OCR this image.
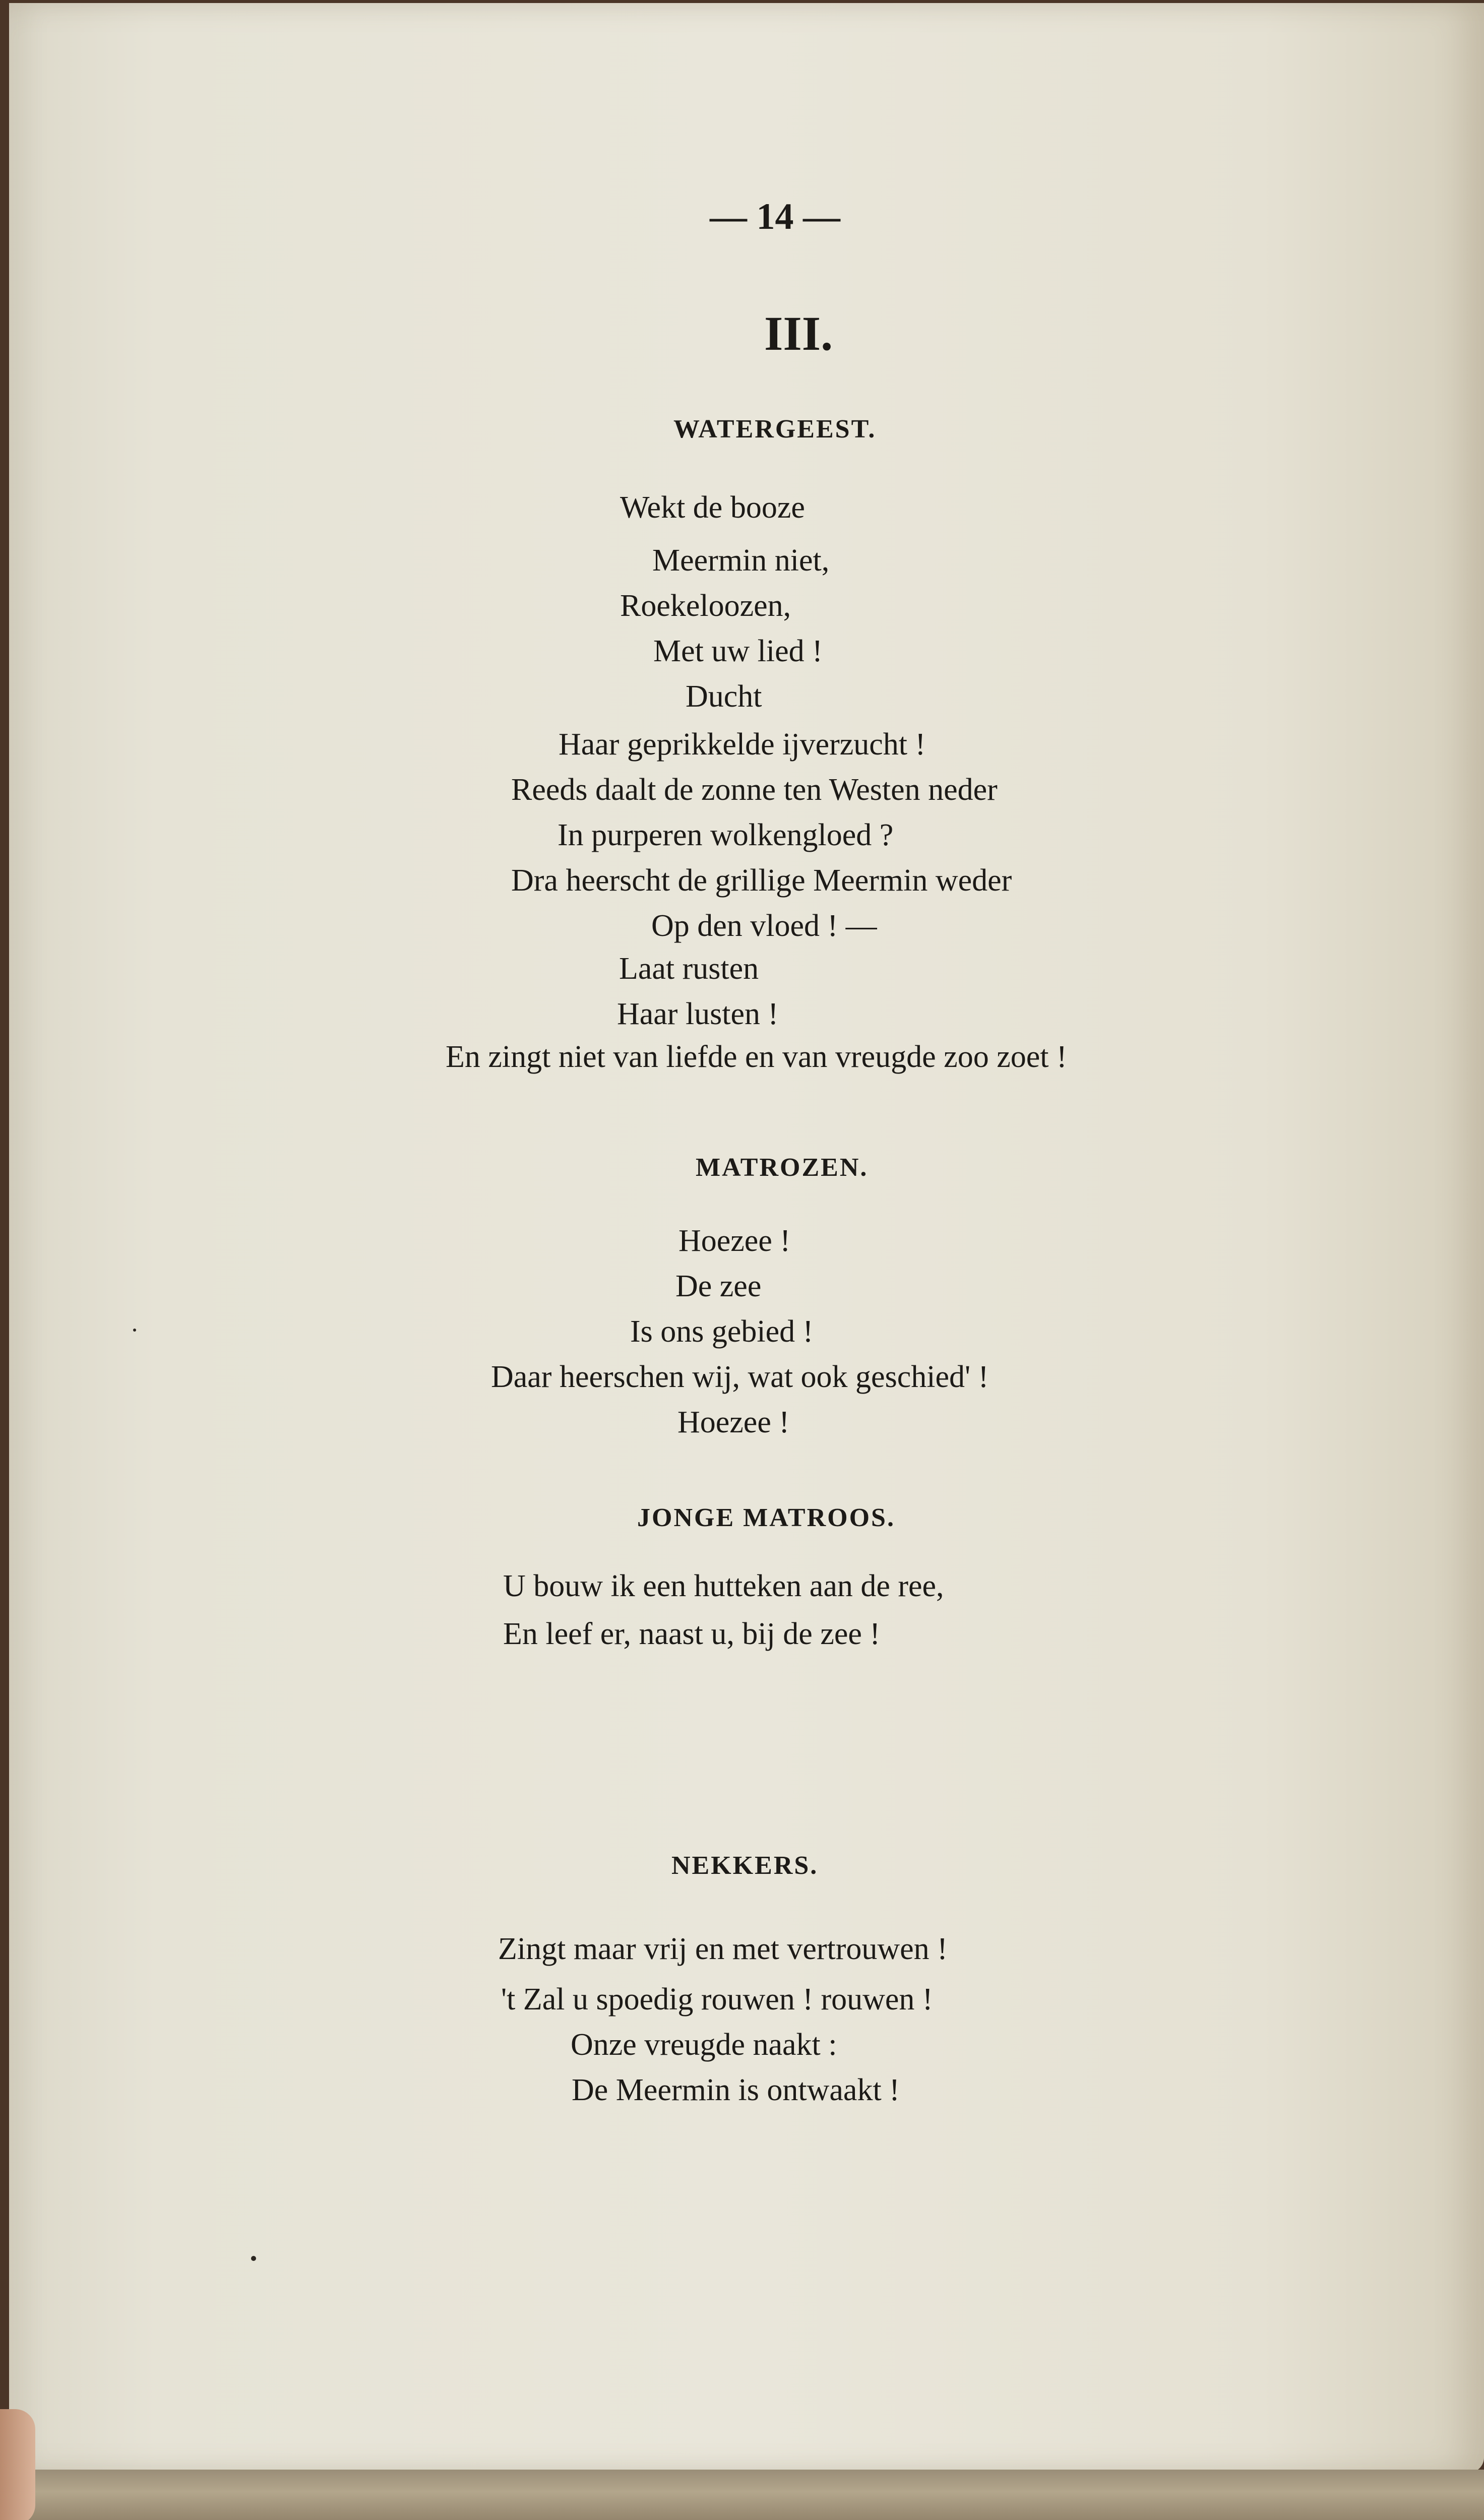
— 14 —
III.
WATERGEEST.
Wekt de booze
Meermin niet,
Roekeloozen,
Met uw lied !
Ducht
Haar geprikkelde ijverzucht !
Reeds daalt de zonne ten Westen neder
In purperen wolkengloed ?
Dra heerscht de grillige Meermin weder
Op den vloed ! —
Laat rusten
Haar lusten !
En zingt niet van liefde en van vreugde zoo zoet !
MATROZEN.
Hoezee !
De zee
Is ons gebied !
Daar heerschen wij, wat ook geschied' !
Hoezee !
JONGE MATROOS.
U bouw ik een hutteken aan de ree,
En leef er, naast u, bij de zee !
NEKKERS.
Zingt maar vrij en met vertrouwen !
't Zal u spoedig rouwen ! rouwen !
Onze vreugde naakt :
De Meermin is ontwaakt !
